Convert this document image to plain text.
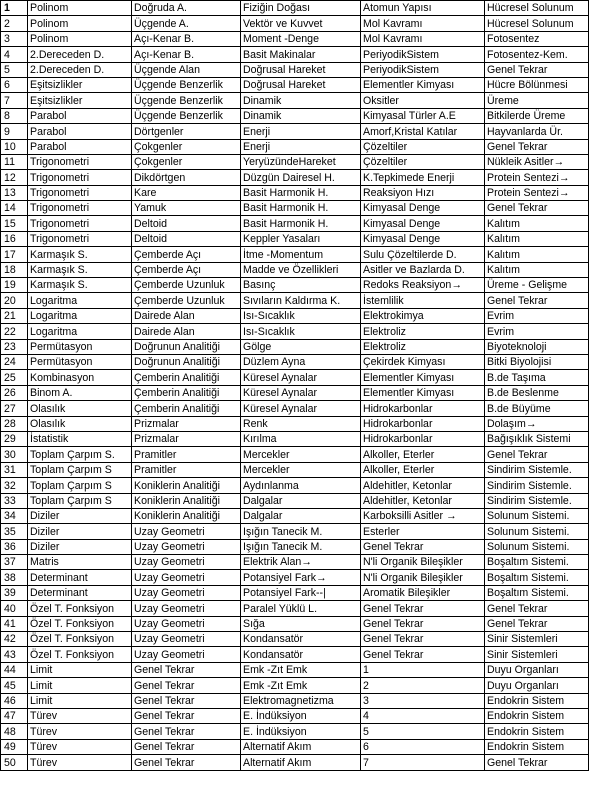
1	Polinom	Doğruda A.	Fiziğin Doğası	Atomun Yapısı	Hücresel Solunum
2	Polinom	Üçgende A.	Vektör ve Kuvvet	Mol Kavramı	Hücresel Solunum
3	Polinom	Açı-Kenar B.	Moment -Denge	Mol Kavramı	Fotosentez
4	2.Dereceden D.	Açı-Kenar B.	Basit Makinalar	PeriyodikSistem	Fotosentez-Kem.
5	2.Dereceden D.	Üçgende Alan	Doğrusal Hareket	PeriyodikSistem	Genel Tekrar
6	Eşitsizlikler	Üçgende Benzerlik	Doğrusal Hareket	Elementler Kimyası	Hücre Bölünmesi
7	Eşitsizlikler	Üçgende Benzerlik	Dinamik	Oksitler	Üreme
8	Parabol	Üçgende Benzerlik	Dinamik	Kimyasal Türler A.E	Bitkilerde Üreme
9	Parabol	Dörtgenler	Enerji	Amorf,Kristal Katılar	Hayvanlarda Ür.
10	Parabol	Çokgenler	Enerji	Çözeltiler	Genel Tekrar
11	Trigonometri	Çokgenler	YeryüzündeHareket	Çözeltiler	Nükleik Asitler→
12	Trigonometri	Dikdörtgen	Düzgün Dairesel H.	K.Tepkimede Enerji	Protein Sentezi→
13	Trigonometri	Kare	Basit Harmonik H.	Reaksiyon Hızı	Protein Sentezi→
14	Trigonometri	Yamuk	Basit Harmonik H.	Kimyasal Denge	Genel Tekrar
15	Trigonometri	Deltoid	Basit Harmonik H.	Kimyasal Denge	Kalıtım
16	Trigonometri	Deltoid	Keppler Yasaları	Kimyasal Denge	Kalıtım
17	Karmaşık S.	Çemberde Açı	İtme -Momentum	Sulu Çözeltilerde D.	Kalıtım
18	Karmaşık S.	Çemberde Açı	Madde ve Özellikleri	Asitler ve Bazlarda D.	Kalıtım
19	Karmaşık S.	Çemberde Uzunluk	Basınç	Redoks Reaksiyon→	Üreme - Gelişme
20	Logaritma	Çemberde Uzunluk	Sıvıların Kaldırma K.	İstemlilik	Genel Tekrar
21	Logaritma	Dairede Alan	Isı-Sıcaklık	Elektrokimya	Evrim
22	Logaritma	Dairede Alan	Isı-Sıcaklık	Elektroliz	Evrim
23	Permütasyon	Doğrunun Analitiği	Gölge	Elektroliz	Biyoteknoloji
24	Permütasyon	Doğrunun Analitiği	Düzlem Ayna	Çekirdek Kimyası	Bitki Biyolojisi
25	Kombinasyon	Çemberin Analitiği	Küresel Aynalar	Elementler Kimyası	B.de Taşıma
26	Binom A.	Çemberin Analitiği	Küresel Aynalar	Elementler Kimyası	B.de Beslenme
27	Olasılık	Çemberin Analitiği	Küresel Aynalar	Hidrokarbonlar	B.de Büyüme
28	Olasılık	Prizmalar	Renk	Hidrokarbonlar	Dolaşım→
29	İstatistik	Prizmalar	Kırılma	Hidrokarbonlar	Bağışıklık Sistemi
30	Toplam Çarpım S.	Pramitler	Mercekler	Alkoller, Eterler	Genel Tekrar
31	Toplam Çarpım S	Pramitler	Mercekler	Alkoller, Eterler	Sindirim Sistemle.
32	Toplam Çarpım S	Koniklerin Analitiği	Aydınlanma	Aldehitler, Ketonlar	Sindirim Sistemle.
33	Toplam Çarpım S	Koniklerin Analitiği	Dalgalar	Aldehitler, Ketonlar	Sindirim Sistemle.
34	Diziler	Koniklerin Analitiği	Dalgalar	Karboksilli Asitler →	Solunum Sistemi.
35	Diziler	Uzay Geometri	Işığın Tanecik M.	Esterler	Solunum Sistemi.
36	Diziler	Uzay Geometri	Işığın Tanecik M.	Genel Tekrar	Solunum Sistemi.
37	Matris	Uzay Geometri	Elektrik Alan→	N'li Organik Bileşikler	Boşaltım Sistemi.
38	Determinant	Uzay Geometri	Potansiyel Fark→	N'li Organik Bileşikler	Boşaltım Sistemi.
39	Determinant	Uzay Geometri	Potansiyel Fark--|	Aromatik Bileşikler	Boşaltım Sistemi.
40	Özel T. Fonksiyon	Uzay Geometri	Paralel Yüklü L.	Genel Tekrar	Genel Tekrar
41	Özel T. Fonksiyon	Uzay Geometri	Sığa	Genel Tekrar	Genel Tekrar
42	Özel T. Fonksiyon	Uzay Geometri	Kondansatör	Genel Tekrar	Sinir Sistemleri
43	Özel T. Fonksiyon	Uzay Geometri	Kondansatör	Genel Tekrar	Sinir Sistemleri
44	Limit	Genel Tekrar	Emk -Zıt Emk	1	Duyu Organları
45	Limit	Genel Tekrar	Emk -Zıt Emk	2	Duyu Organları
46	Limit	Genel Tekrar	Elektromagnetizma	3	Endokrin Sistem
47	Türev	Genel Tekrar	E. İndüksiyon	4	Endokrin Sistem
48	Türev	Genel Tekrar	E. İndüksiyon	5	Endokrin Sistem
49	Türev	Genel Tekrar	Alternatif Akım	6	Endokrin Sistem
50	Türev	Genel Tekrar	Alternatif Akım	7	Genel Tekrar
